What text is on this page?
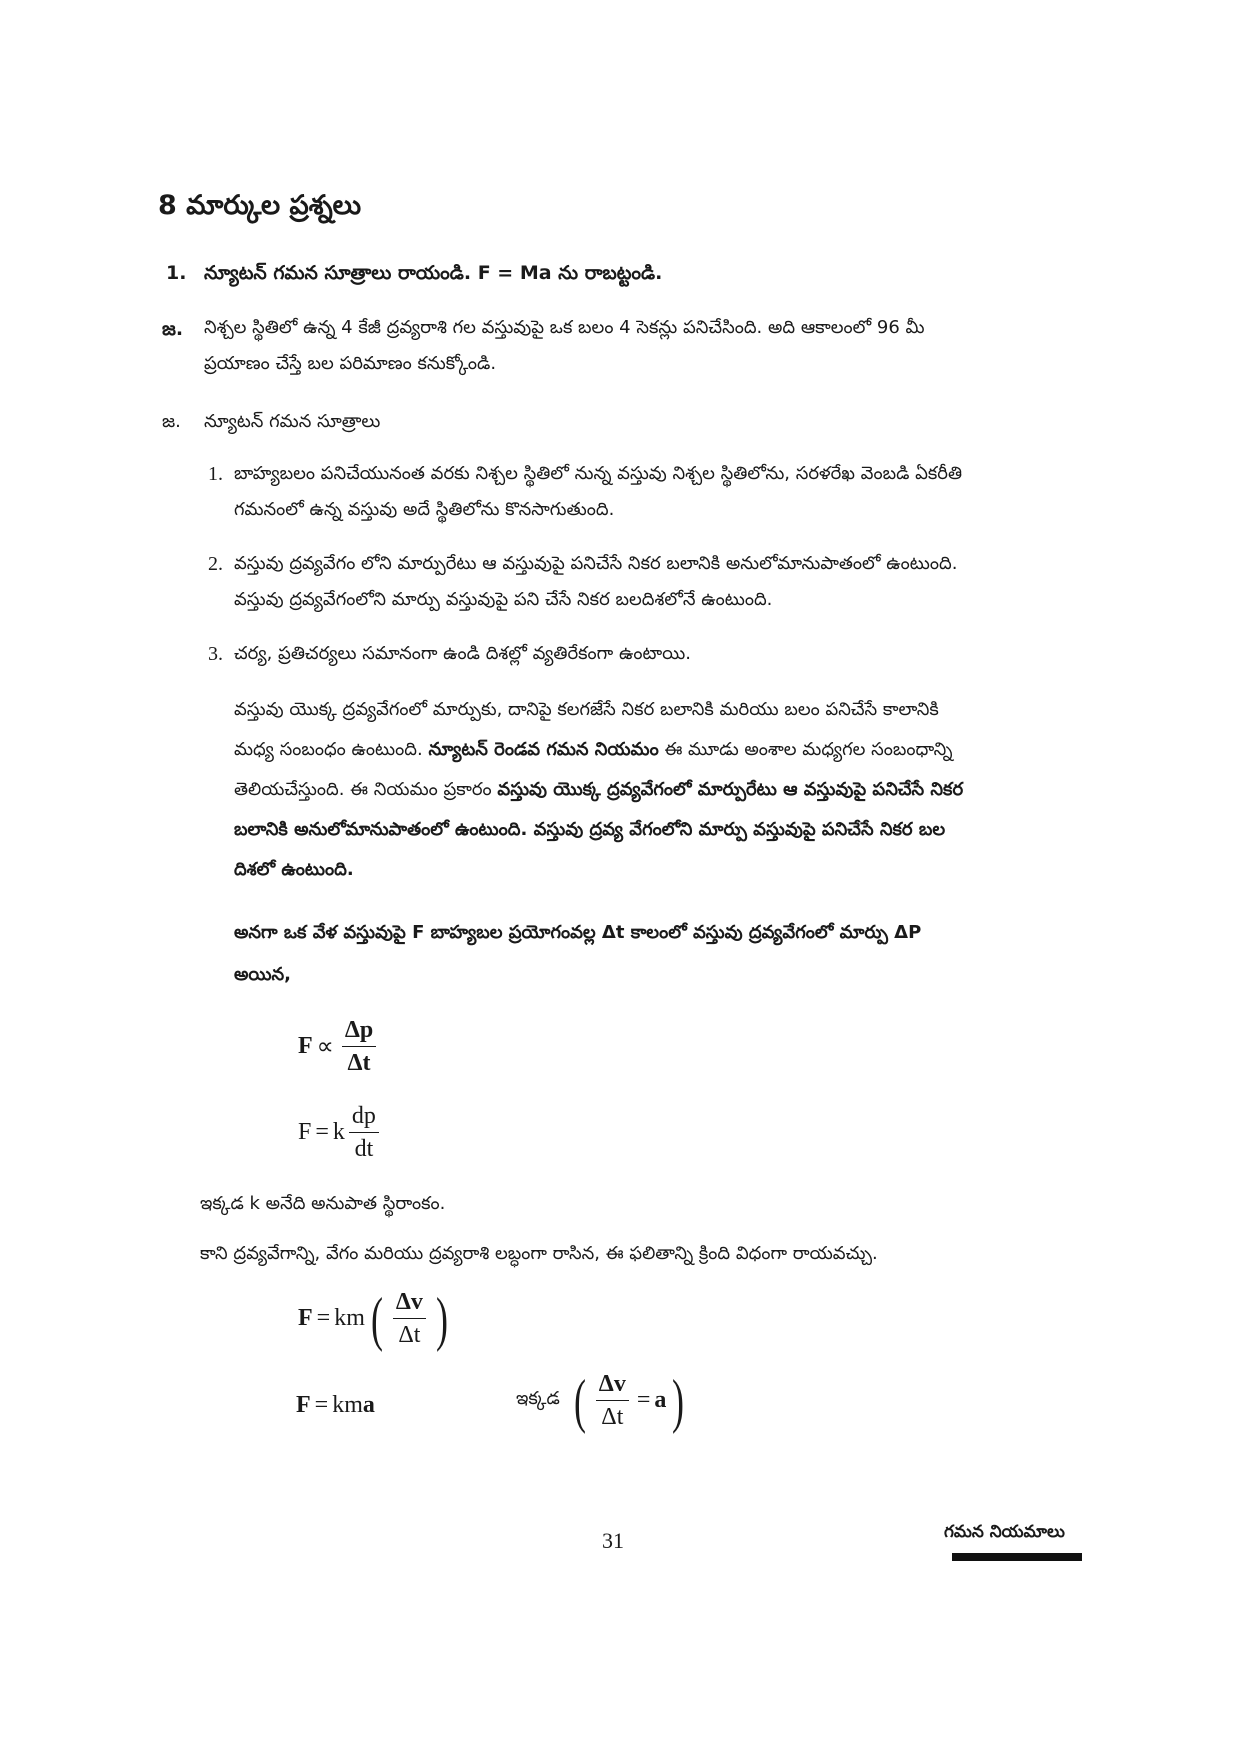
8 మార్కుల ప్రశ్నలు
1. న్యూటన్ గమన సూత్రాలు రాయండి. F = Ma ను రాబట్టండి.
జ. నిశ్చల స్థితిలో ఉన్న 4 కేజీ ద్రవ్యరాశి గల వస్తువుపై ఒక బలం 4 సెకన్లు పనిచేసింది. అది ఆకాలంలో 96 మీ
ప్రయాణం చేస్తే బల పరిమాణం కనుక్కోండి.
జ. న్యూటన్ గమన సూత్రాలు
1. బాహ్యబలం పనిచేయునంత వరకు నిశ్చల స్థితిలో నున్న వస్తువు నిశ్చల స్థితిలోను, సరళరేఖ వెంబడి ఏకరీతి
గమనంలో ఉన్న వస్తువు అదే స్థితిలోను కొనసాగుతుంది.
2. వస్తువు ద్రవ్యవేగం లోని మార్పురేటు ఆ వస్తువుపై పనిచేసే నికర బలానికి అనులోమానుపాతంలో ఉంటుంది.
వస్తువు ద్రవ్యవేగంలోని మార్పు వస్తువుపై పని చేసే నికర బలదిశలోనే ఉంటుంది.
3. చర్య, ప్రతిచర్యలు సమానంగా ఉండి దిశల్లో వ్యతిరేకంగా ఉంటాయి.
వస్తువు యొక్క ద్రవ్యవేగంలో మార్పుకు, దానిపై కలగజేసే నికర బలానికి మరియు బలం పనిచేసే కాలానికి
మధ్య సంబంధం ఉంటుంది. న్యూటన్ రెండవ గమన నియమం ఈ మూడు అంశాల మధ్యగల సంబంధాన్ని
తెలియచేస్తుంది. ఈ నియమం ప్రకారం వస్తువు యొక్క ద్రవ్యవేగంలో మార్పురేటు ఆ వస్తువుపై పనిచేసే నికర
బలానికి అనులోమానుపాతంలో ఉంటుంది. వస్తువు ద్రవ్య వేగంలోని మార్పు వస్తువుపై పనిచేసే నికర బల
దిశలో ఉంటుంది.
అనగా ఒక వేళ వస్తువుపై F బాహ్యబల ప్రయోగంవల్ల Δt కాలంలో వస్తువు ద్రవ్యవేగంలో మార్పు ΔP
అయిన,
$F \propto \frac{\Delta p}{\Delta t}$
F = k $\frac{dp}{dt}$
ఇక్కడ k అనేది అనుపాత స్థిరాంకం.
కాని ద్రవ్యవేగాన్ని, వేగం మరియు ద్రవ్యరాశి లబ్ధంగా రాసిన, ఈ ఫలితాన్ని క్రింది విధంగా రాయవచ్చు.
F = km ( $\frac{\Delta v}{\Delta t}$ )
F = km a	ఇక్కడ ( $\frac{\Delta v}{\Delta t} = a$ )
31	గమన నియమాలు
